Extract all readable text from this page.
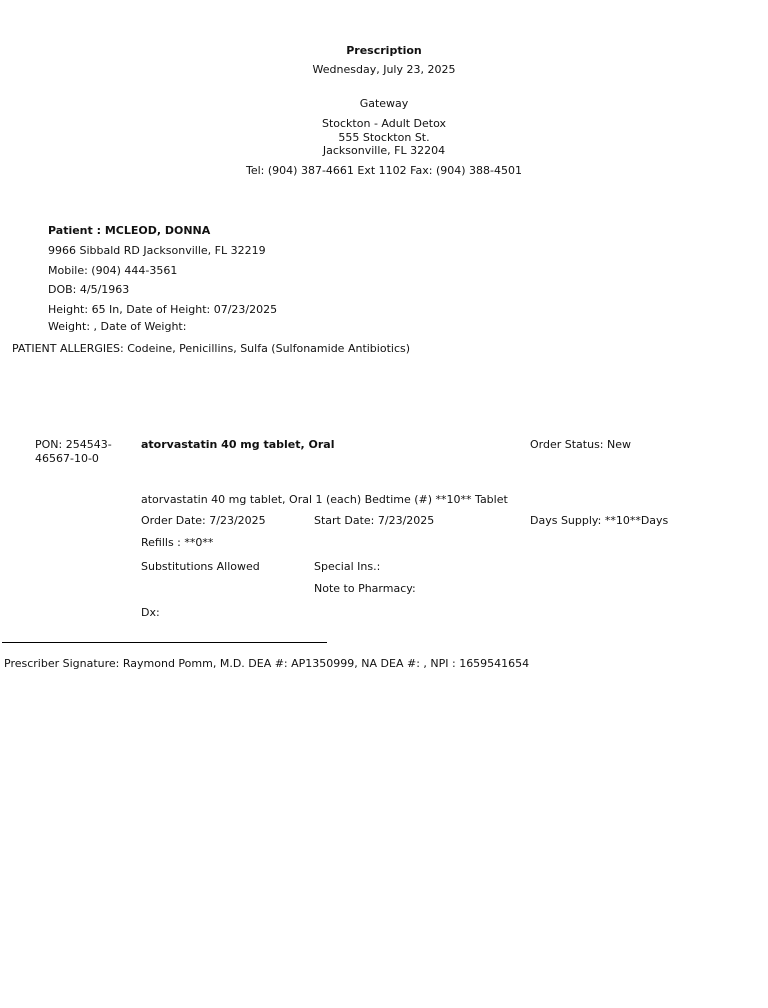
Prescription
Wednesday, July 23, 2025
Gateway
Stockton - Adult Detox
555 Stockton St.
Jacksonville, FL 32204
Tel: (904) 387-4661 Ext 1102 Fax: (904) 388-4501
Patient : MCLEOD, DONNA
9966 Sibbald RD Jacksonville, FL 32219
Mobile: (904) 444-3561
DOB: 4/5/1963
Height: 65 In, Date of Height: 07/23/2025
Weight: , Date of Weight:
PATIENT ALLERGIES: Codeine, Penicillins, Sulfa (Sulfonamide Antibiotics)
PON: 254543-
46567-10-0
atorvastatin 40 mg tablet, Oral	Order Status: New
atorvastatin 40 mg tablet, Oral 1 (each) Bedtime (#) **10** Tablet
Order Date: 7/23/2025	Start Date: 7/23/2025	Days Supply: **10**Days
Refills : **0**
Substitutions Allowed	Special Ins.:
Note to Pharmacy:
Dx:
Prescriber Signature: Raymond Pomm, M.D. DEA #: AP1350999, NA DEA #: , NPI : 1659541654
